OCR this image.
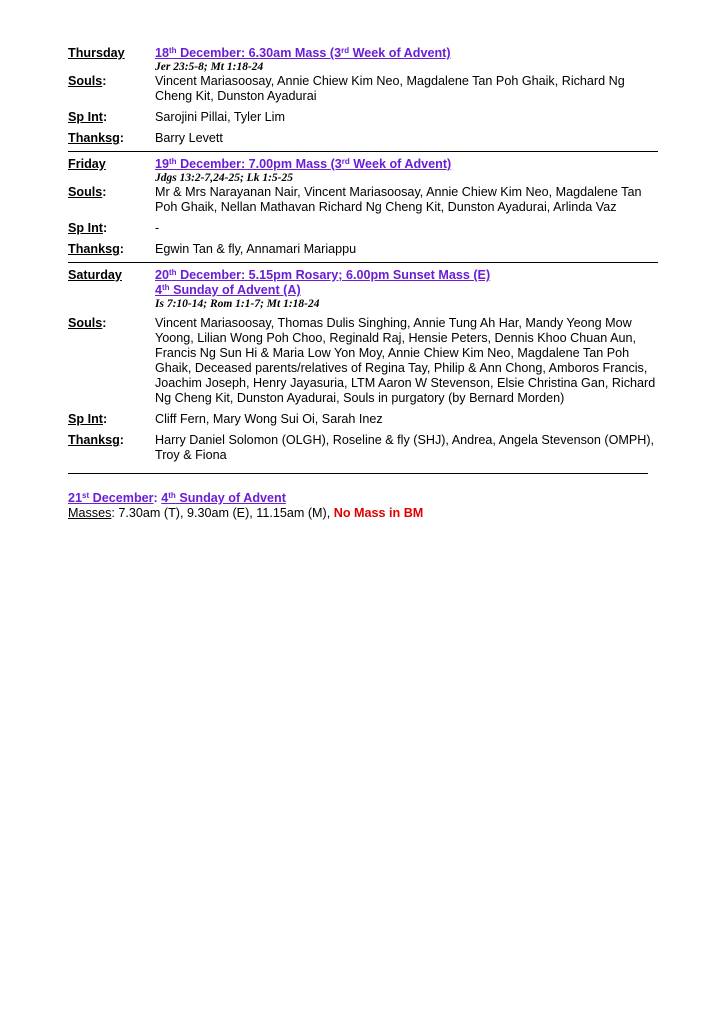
Thursday	18th December: 6.30am Mass (3rd Week of Advent)
Jer 23:5-8; Mt 1:18-24
Souls:	Vincent Mariasoosay, Annie Chiew Kim Neo, Magdalene Tan Poh Ghaik, Richard Ng Cheng Kit, Dunston Ayadurai
Sp Int:	Sarojini Pillai, Tyler Lim
Thanksg:	Barry Levett
Friday	19th December: 7.00pm Mass (3rd Week of Advent)
Jdgs 13:2-7,24-25; Lk 1:5-25
Souls:	Mr & Mrs Narayanan Nair, Vincent Mariasoosay, Annie Chiew Kim Neo, Magdalene Tan Poh Ghaik, Nellan Mathavan Richard Ng Cheng Kit, Dunston Ayadurai, Arlinda Vaz
Sp Int:	-
Thanksg:	Egwin Tan & fly, Annamari Mariappu
Saturday	20th December: 5.15pm Rosary; 6.00pm Sunset Mass (E)
4th Sunday of Advent (A)
Is 7:10-14; Rom 1:1-7; Mt 1:18-24
Souls:	Vincent Mariasoosay, Thomas Dulis Singhing, Annie Tung Ah Har, Mandy Yeong Mow Yoong, Lilian Wong Poh Choo, Reginald Raj, Hensie Peters, Dennis Khoo Chuan Aun, Francis Ng Sun Hi & Maria Low Yon Moy, Annie Chiew Kim Neo, Magdalene Tan Poh Ghaik, Deceased parents/relatives of Regina Tay, Philip & Ann Chong, Amboros Francis, Joachim Joseph, Henry Jayasuria, LTM Aaron W Stevenson, Elsie Christina Gan, Richard Ng Cheng Kit, Dunston Ayadurai, Souls in purgatory (by Bernard Morden)
Sp Int:	Cliff Fern, Mary Wong Sui Oi, Sarah Inez
Thanksg:	Harry Daniel Solomon (OLGH), Roseline & fly (SHJ), Andrea, Angela Stevenson (OMPH), Troy & Fiona
21st December: 4th Sunday of Advent
Masses: 7.30am (T), 9.30am (E), 11.15am (M), No Mass in BM
